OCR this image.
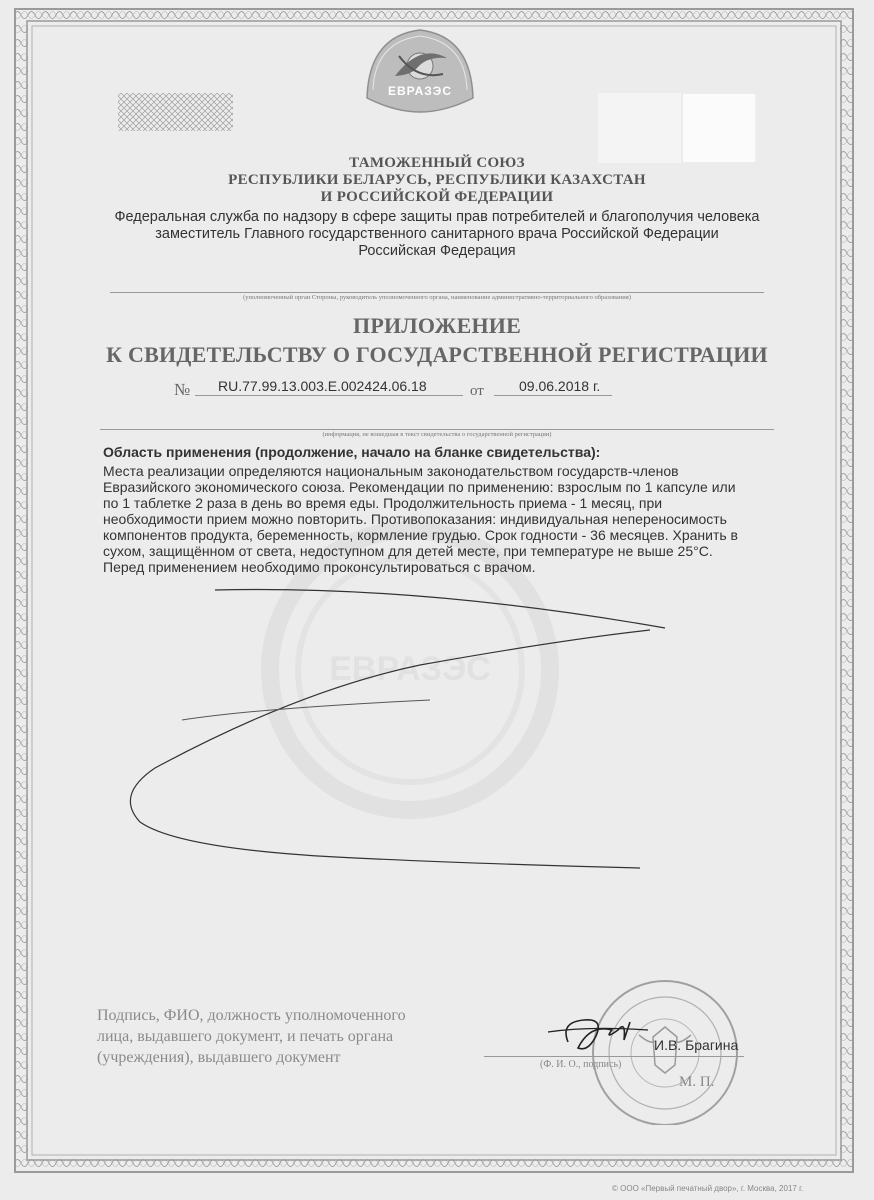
ЕВРАЗЭС
ЕВРАЗЭС
ТАМОЖЕННЫЙ СОЮЗ
РЕСПУБЛИКИ БЕЛАРУСЬ, РЕСПУБЛИКИ КАЗАХСТАН
И РОССИЙСКОЙ ФЕДЕРАЦИИ
Федеральная служба по надзору в сфере защиты прав потребителей и благополучия человека
заместитель Главного государственного санитарного врача Российской Федерации
Российская Федерация
(уполномоченный орган Стороны, руководитель уполномоченного органа, наименование административно-территориального образования)
ПРИЛОЖЕНИЕ
К СВИДЕТЕЛЬСТВУ О ГОСУДАРСТВЕННОЙ РЕГИСТРАЦИИ
№ RU.77.99.13.003.E.002424.06.18	от	09.06.2018 г.
(информация, не вошедшая в текст свидетельства о государственной регистрации)
Область применения (продолжение, начало на бланке свидетельства):
Места реализации определяются национальным законодательством государств-членов
Евразийского экономического союза. Рекомендации по применению: взрослым по 1 капсуле или
по 1 таблетке 2 раза в день во время еды. Продолжительность приема - 1 месяц, при
необходимости прием можно повторить. Противопоказания: индивидуальная непереносимость
компонентов продукта, беременность, кормление грудью. Срок годности - 36 месяцев. Хранить в
сухом, защищённом от света, недоступном для детей месте, при температуре не выше 25°C.
Перед применением необходимо проконсультироваться с врачом.
Подпись, ФИО, должность уполномоченного
лица, выдавшего документ, и печать органа
(учреждения), выдавшего документ
И.В. Брагина
(Ф. И. О., подпись)
М. П.
© ООО «Первый печатный двор», г. Москва, 2017 г.
